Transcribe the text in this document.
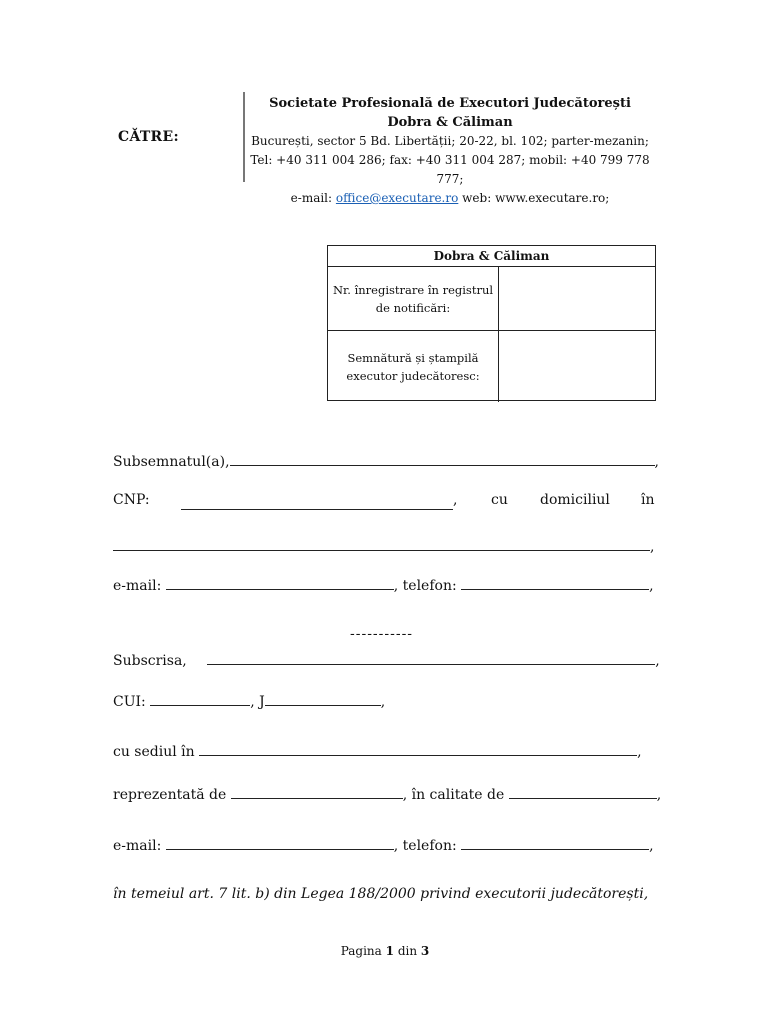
CĂTRE:
Societate Profesională de Executori Judecătorești
Dobra & Căliman
București, sector 5 Bd. Libertății; 20-22, bl. 102; parter-mezanin;
Tel: +40 311 004 286; fax: +40 311 004 287; mobil: +40 799 778 777;
e-mail: office@executare.ro web: www.executare.ro;
Dobra & Căliman
Nr. înregistrare în registrul de notificări:
Semnătură și ștampilă executor judecătoresc:
Subsemnatul(a),	,
CNP:	, cu domiciliul în
,
e-mail:	, telefon:	,
-----------
Subscrisa,	,
CUI:	, J	,
cu sediul în	,
reprezentată de	, în calitate de	,
e-mail:	, telefon:	,
în temeiul art. 7 lit. b) din Legea 188/2000 privind executorii judecătorești,
Pagina 1 din 3
